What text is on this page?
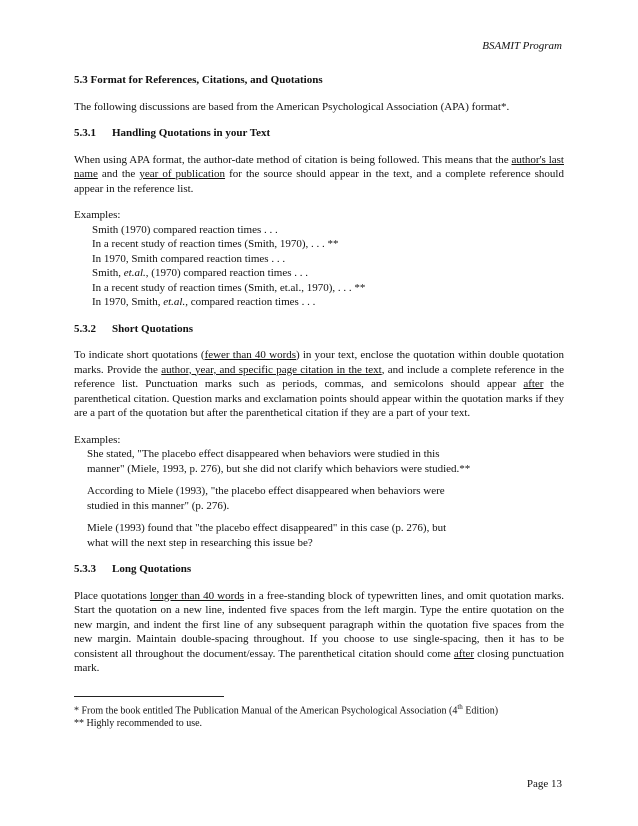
BSAMIT Program

5.3 Format for References, Citations, and Quotations

The following discussions are based from the American Psychological Association (APA) format*.

5.3.1 Handling Quotations in your Text

When using APA format, the author-date method of citation is being followed. This means that the author's last name and the year of publication for the source should appear in the text, and a complete reference should appear in the reference list.

Examples:

Smith (1970) compared reaction times . . .

In a recent study of reaction times (Smith, 1970), . . . **

In 1970, Smith compared reaction times . . .

Smith, et.al., (1970) compared reaction times . . .

In a recent study of reaction times (Smith, et.al., 1970), . . . **

In 1970, Smith, et.al., compared reaction times . . .

5.3.2 Short Quotations

To indicate short quotations (fewer than 40 words) in your text, enclose the quotation within double quotation marks. Provide the author, year, and specific page citation in the text, and include a complete reference in the reference list. Punctuation marks such as periods, commas, and semicolons should appear after the parenthetical citation. Question marks and exclamation points should appear within the quotation marks if they are a part of the quotation but after the parenthetical citation if they are a part of your text.

Examples:

She stated, "The placebo effect disappeared when behaviors were studied in this

manner" (Miele, 1993, p. 276), but she did not clarify which behaviors were studied.**

According to Miele (1993), "the placebo effect disappeared when behaviors were

studied in this manner" (p. 276).

Miele (1993) found that "the placebo effect disappeared" in this case (p. 276), but

what will the next step in researching this issue be?

5.3.3 Long Quotations

Place quotations longer than 40 words in a free-standing block of typewritten lines, and omit quotation marks. Start the quotation on a new line, indented five spaces from the left margin. Type the entire quotation on the new margin, and indent the first line of any subsequent paragraph within the quotation five spaces from the new margin. Maintain double-spacing throughout. If you choose to use single-spacing, then it has to be consistent all throughout the document/essay. The parenthetical citation should come after closing punctuation mark.

* From the book entitled The Publication Manual of the American Psychological Association (4th Edition)

** Highly recommended to use.

Page 13
